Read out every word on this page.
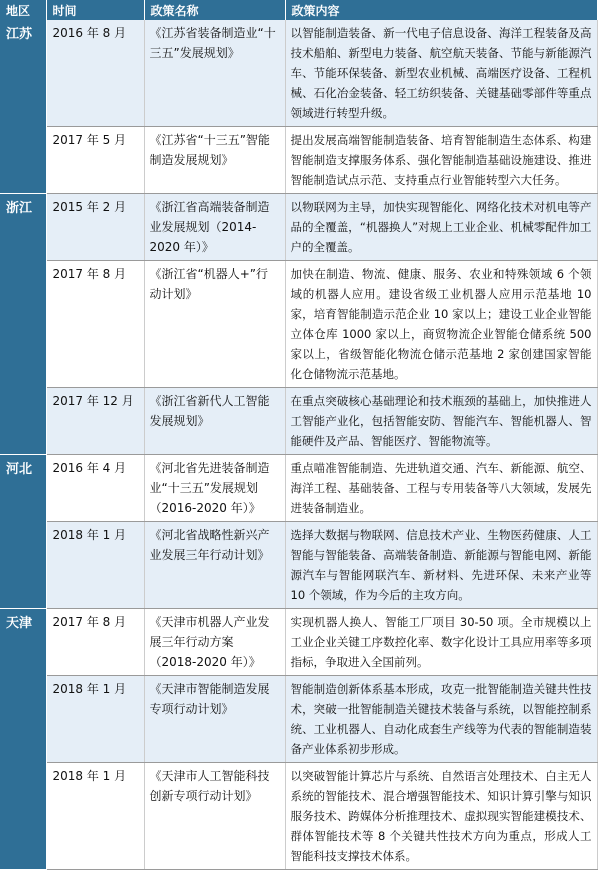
地区	时间	政策名称	政策内容
江苏	2016 年 8 月	《江苏省装备制造业“十三五”发展规划》	以智能制造装备、新一代电子信息设备、海洋工程装备及高技术船舶、新型电力装备、航空航天装备、节能与新能源汽车、节能环保装备、新型农业机械、高端医疗设备、工程机械、石化冶金装备、轻工纺织装备、关键基础零部件等重点领域进行转型升级。
	2017 年 5 月	《江苏省“十三五”智能制造发展规划》	提出发展高端智能制造装备、培育智能制造生态体系、构建智能制造支撑服务体系、强化智能制造基础设施建设、推进智能制造试点示范、支持重点行业智能转型六大任务。
浙江	2015 年 2 月	《浙江省高端装备制造业发展规划（2014-2020 年）》	以物联网为主导，加快实现智能化、网络化技术对机电等产品的全覆盖，“机器换人”对规上工业企业、机械零配件加工户的全覆盖。
	2017 年 8 月	《浙江省“机器人+”行动计划》	加快在制造、物流、健康、服务、农业和特殊领域 6 个领域的机器人应用。建设省级工业机器人应用示范基地 10 家，培育智能制造示范企业 10 家以上；建设工业企业智能立体仓库 1000 家以上，商贸物流企业智能仓储系统 500 家以上，省级智能化物流仓储示范基地 2 家创建国家智能化仓储物流示范基地。
	2017 年 12 月	《浙江省新代人工智能发展规划》	在重点突破核心基础理论和技术瓶颈的基础上，加快推进人工智能产业化，包括智能安防、智能汽车、智能机器人、智能硬件及产品、智能医疗、智能物流等。
河北	2016 年 4 月	《河北省先进装备制造业“十三五”发展规划（2016-2020 年）》	重点喵准智能制造、先进轨道交通、汽车、新能源、航空、海洋工程、基础装备、工程与专用装备等八大领域，发展先进装备制造业。
	2018 年 1 月	《河北省战略性新兴产业发展三年行动计划》	选择大数据与物联网、信息技术产业、生物医药健康、人工智能与智能装备、高端装备制造、新能源与智能电网、新能源汽车与智能网联汽车、新材料、先进环保、未来产业等 10 个领域，作为今后的主攻方向。
天津	2017 年 8 月	《天津市机器人产业发展三年行动方案（2018-2020 年）》	实现机器人换人、智能工厂项目 30-50 项。全市规模以上工业企业关键工序数控化率、数字化设计工具应用率等多项指标，争取进入全国前列。
	2018 年 1 月	《天津市智能制造发展专项行动计划》	智能制造创新体系基本形成，攻克一批智能制造关键共性技术，突破一批智能制造关键技术装备与系统，以智能控制系统、工业机器人、自动化成套生产线等为代表的智能制造装备产业体系初步形成。
	2018 年 1 月	《天津市人工智能科技创新专项行动计划》	以突破智能计算芯片与系统、自然语言处理技术、白主无人系统的智能技术、混合增强智能技术、知识计算引擎与知识服务技术、跨媒体分析推理技术、虚拟现实智能建模技术、群体智能技术等 8 个关键共性技术方向为重点，形成人工智能科技支撑技术体系。
